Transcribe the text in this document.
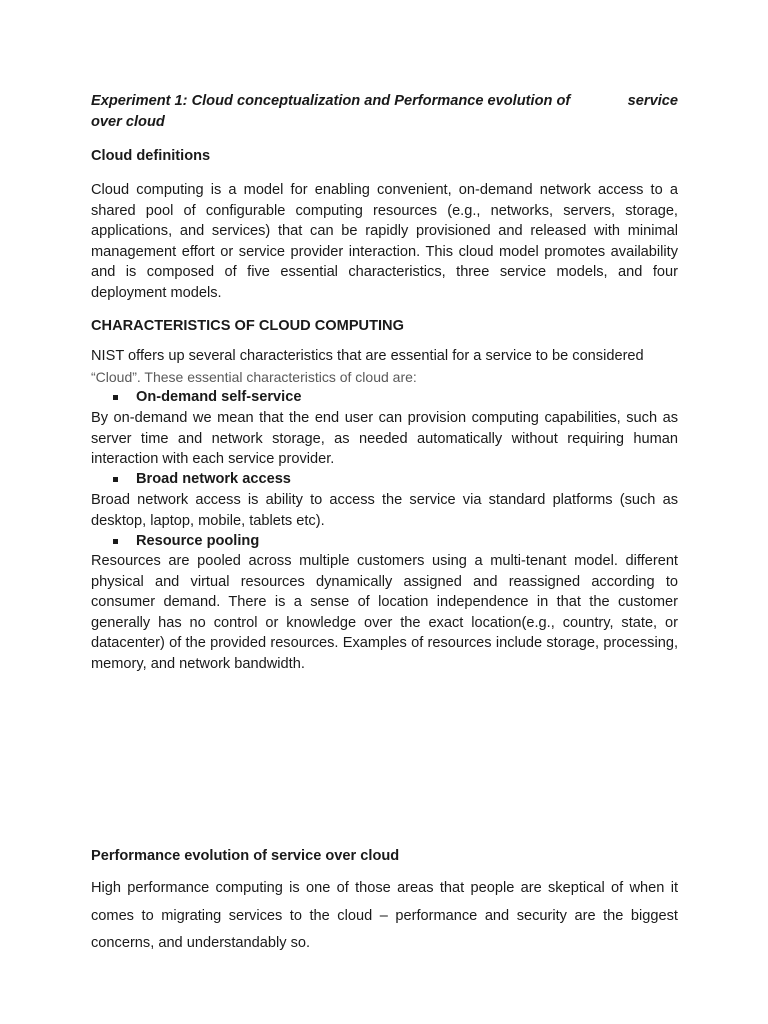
Experiment 1: Cloud conceptualization and Performance evolution of	service
over cloud

Cloud definitions

Cloud computing is a model for enabling convenient, on-demand network access to a shared pool of configurable computing resources (e.g., networks, servers, storage, applications, and services) that can be rapidly provisioned and released with minimal management effort or service provider interaction. This cloud model promotes availability and is composed of five essential characteristics, three service models, and four deployment models.

CHARACTERISTICS OF CLOUD COMPUTING

NIST offers up several characteristics that are essential for a service to be considered
“Cloud”. These essential characteristics of cloud are:
On-demand self-service

By on-demand we mean that the end user can provision computing capabilities, such as server time and network storage, as needed automatically without requiring human interaction with each service provider.

Broad network access

Broad network access is ability to access the service via standard platforms (such as desktop, laptop, mobile, tablets etc).

Resource pooling

Resources are pooled across multiple customers using a multi-tenant model. different physical and virtual resources dynamically assigned and reassigned according to consumer demand. There is a sense of location independence in that the customer generally has no control or knowledge over the exact location(e.g., country, state, or datacenter) of the provided resources. Examples of resources include storage, processing, memory, and network bandwidth.

Performance evolution of service over cloud

High performance computing is one of those areas that people are skeptical of when it comes to migrating services to the cloud – performance and security are the biggest concerns, and understandably so.
